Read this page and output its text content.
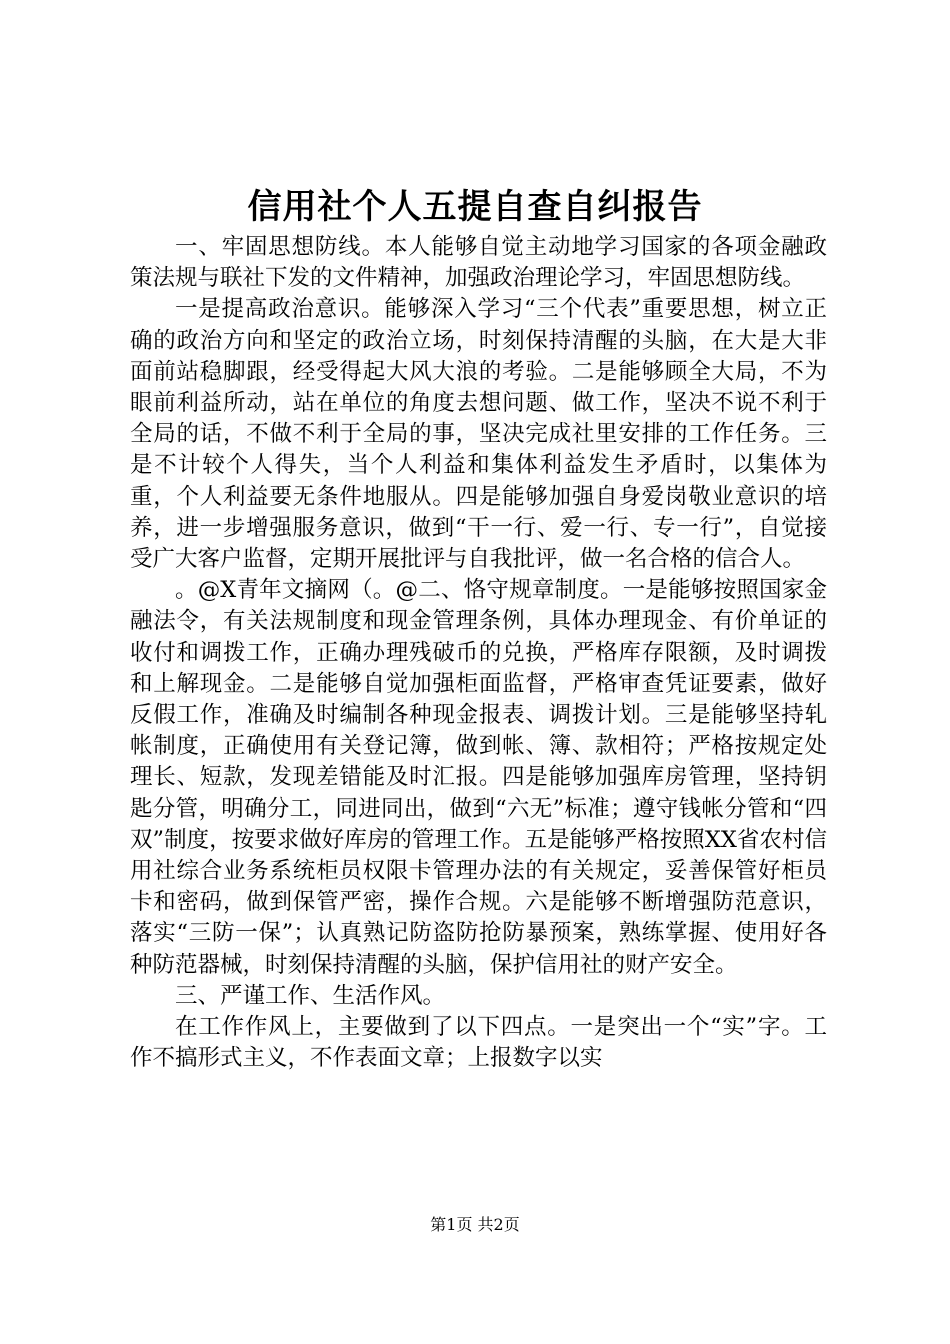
信用社个人五提自查自纠报告

一、牢固思想防线。本人能够自觉主动地学习国家的各项金融政策法规与联社下发的文件精神，加强政治理论学习，牢固思想防线。

一是提高政治意识。能够深入学习“三个代表”重要思想，树立正确的政治方向和坚定的政治立场，时刻保持清醒的头脑，在大是大非面前站稳脚跟，经受得起大风大浪的考验。二是能够顾全大局，不为眼前利益所动，站在单位的角度去想问题、做工作，坚决不说不利于全局的话，不做不利于全局的事，坚决完成社里安排的工作任务。三是不计较个人得失，当个人利益和集体利益发生矛盾时，以集体为重，个人利益要无条件地服从。四是能够加强自身爱岗敬业意识的培养，进一步增强服务意识，做到“干一行、爱一行、专一行”，自觉接受广大客户监督，定期开展批评与自我批评，做一名合格的信合人。

。@X青年文摘网（。@二、恪守规章制度。一是能够按照国家金融法令，有关法规制度和现金管理条例，具体办理现金、有价单证的收付和调拨工作，正确办理残破币的兑换，严格库存限额，及时调拨和上解现金。二是能够自觉加强柜面监督，严格审查凭证要素，做好反假工作，准确及时编制各种现金报表、调拨计划。三是能够坚持轧帐制度，正确使用有关登记簿，做到帐、簿、款相符；严格按规定处理长、短款，发现差错能及时汇报。四是能够加强库房管理，坚持钥匙分管，明确分工，同进同出，做到“六无”标准；遵守钱帐分管和“四双”制度，按要求做好库房的管理工作。五是能够严格按照XX省农村信用社综合业务系统柜员权限卡管理办法的有关规定，妥善保管好柜员卡和密码，做到保管严密，操作合规。六是能够不断增强防范意识，落实“三防一保”；认真熟记防盗防抢防暴预案，熟练掌握、使用好各种防范器械，时刻保持清醒的头脑，保护信用社的财产安全。

三、严谨工作、生活作风。

在工作作风上，主要做到了以下四点。一是突出一个“实”字。工作不搞形式主义，不作表面文章；上报数字以实

第1页 共2页
